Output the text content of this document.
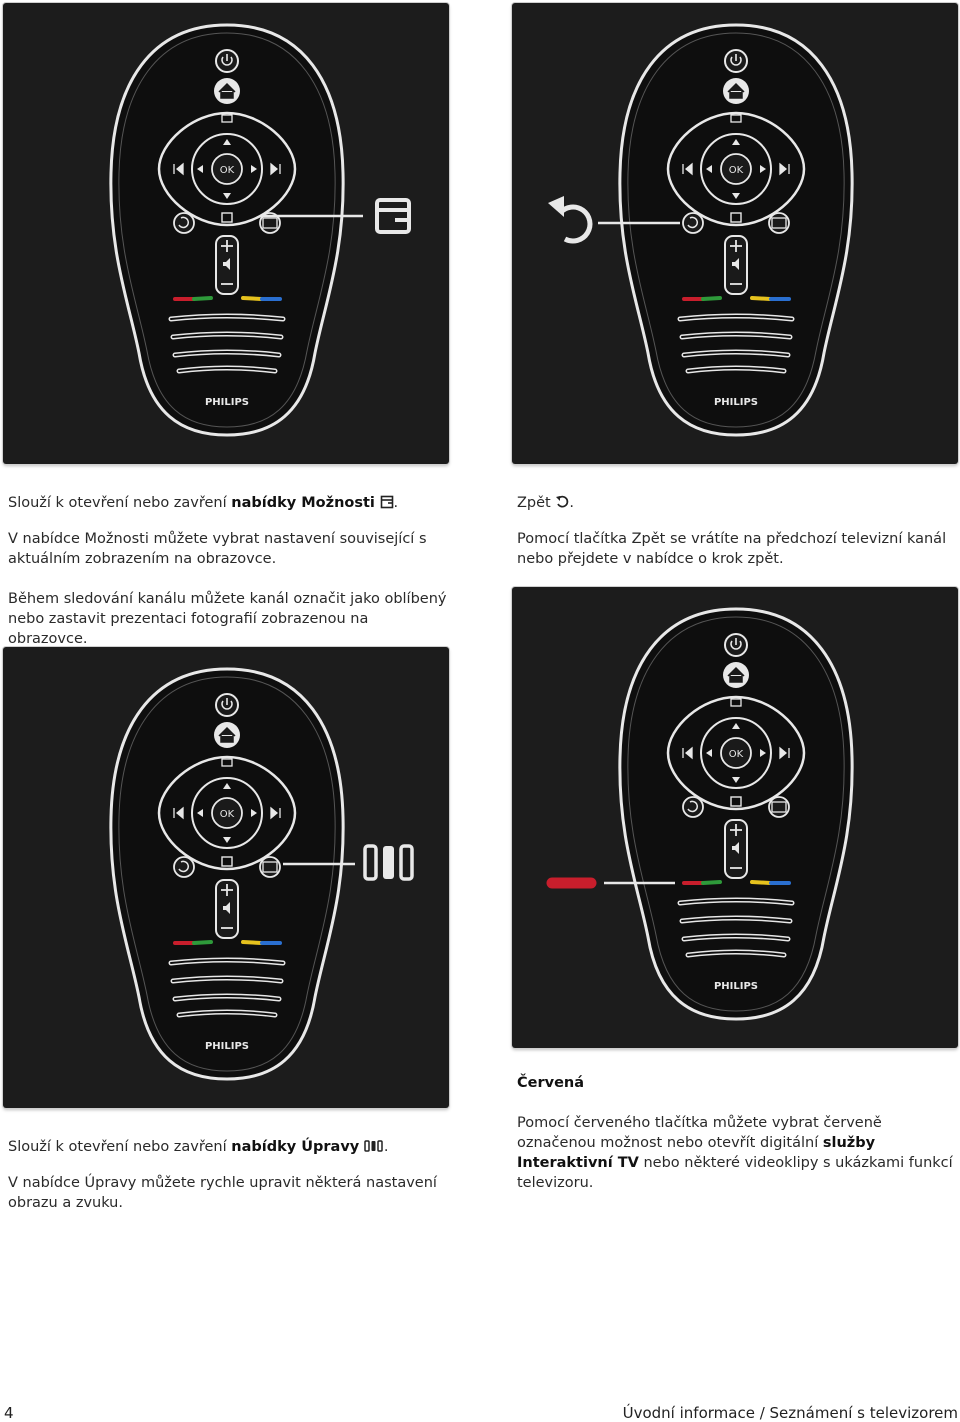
OK
PHILIPS
OK
PHILIPS
OK
PHILIPS
OK
PHILIPS

Slouží k otevření nebo zavření nabídky Možnosti .

V nabídce Možnosti můžete vybrat nastavení související s aktuálním zobrazením na obrazovce.

Během sledování kanálu můžete kanál označit jako oblíbený nebo zastavit prezentaci fotografií zobrazenou na obrazovce.

Zpět .

Pomocí tlačítka Zpět se vrátíte na předchozí televizní kanál nebo přejdete v nabídce o krok zpět.

Slouží k otevření nebo zavření nabídky Úpravy .

V nabídce Úpravy můžete rychle upravit některá nastavení obrazu a zvuku.

Červená

Pomocí červeného tlačítka můžete vybrat červeně označenou možnost nebo otevřít digitální služby Interaktivní TV nebo některé videoklipy s ukázkami funkcí televizoru.

4	Úvodní informace / Seznámení s televizorem
